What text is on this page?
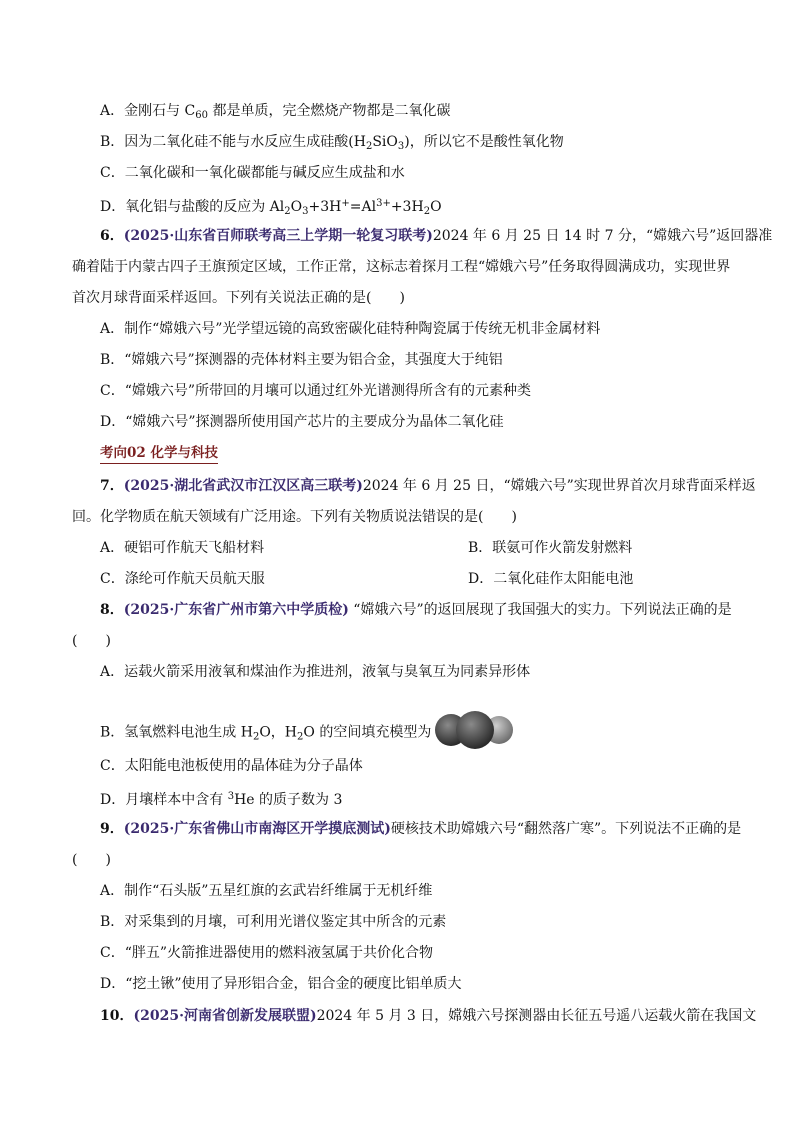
A．金刚石与 $C_{60}$ 都是单质，完全燃烧产物都是二氧化碳
B．因为二氧化硅不能与水反应生成硅酸$(H_2SiO_3)$，所以它不是酸性氧化物
C．二氧化碳和一氧化碳都能与碱反应生成盐和水
D．氧化铝与盐酸的反应为 $Al_2O_3+3H^+=Al^{3+}+3H_2O$
6．(2025·山东省百师联考高三上学期一轮复习联考)2024 年 6 月 25 日 14 时 7 分，“嫦娥六号”返回器准
确着陆于内蒙古四子王旗预定区域，工作正常，这标志着探月工程“嫦娥六号”任务取得圆满成功，实现世界
首次月球背面采样返回。下列有关说法正确的是(　　)
A．制作“嫦娥六号”光学望远镜的高致密碳化硅特种陶瓷属于传统无机非金属材料
B．“嫦娥六号”探测器的壳体材料主要为铝合金，其强度大于纯铝
C．“嫦娥六号”所带回的月壤可以通过红外光谱测得所含有的元素种类
D．“嫦娥六号”探测器所使用国产芯片的主要成分为晶体二氧化硅
考向02 化学与科技
7．(2025·湖北省武汉市江汉区高三联考)2024 年 6 月 25 日，“嫦娥六号”实现世界首次月球背面采样返
回。化学物质在航天领域有广泛用途。下列有关物质说法错误的是(　　)
A．硬铝可作航天飞船材料	B．联氨可作火箭发射燃料
C．涤纶可作航天员航天服	D．二氧化硅作太阳能电池
8．(2025·广东省广州市第六中学质检) “嫦娥六号”的返回展现了我国强大的实力。下列说法正确的是
(　　)
A．运载火箭采用液氧和煤油作为推进剂，液氧与臭氧互为同素异形体
B．氢氧燃料电池生成 $H_2O$，$H_2O$ 的空间填充模型为
C．太阳能电池板使用的晶体硅为分子晶体
D．月壤样本中含有 $^3$He 的质子数为 3
9．(2025·广东省佛山市南海区开学摸底测试)硬核技术助嫦娥六号“翻然落广寒”。下列说法不正确的是
(　　)
A．制作“石头版”五星红旗的玄武岩纤维属于无机纤维
B．对采集到的月壤，可利用光谱仪鉴定其中所含的元素
C．“胖五”火箭推进器使用的燃料液氢属于共价化合物
D．“挖土锹”使用了异形铝合金，铝合金的硬度比铝单质大
10．(2025·河南省创新发展联盟)2024 年 5 月 3 日，嫦娥六号探测器由长征五号遥八运载火箭在我国文
